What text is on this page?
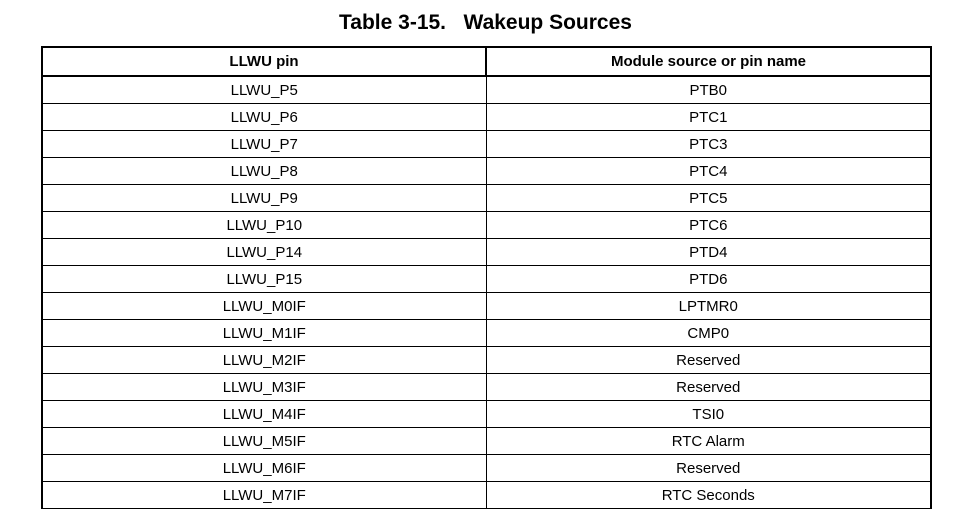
Table 3-15.   Wakeup Sources
LLWU pin	Module source or pin name
LLWU_P5	PTB0
LLWU_P6	PTC1
LLWU_P7	PTC3
LLWU_P8	PTC4
LLWU_P9	PTC5
LLWU_P10	PTC6
LLWU_P14	PTD4
LLWU_P15	PTD6
LLWU_M0IF	LPTMR0
LLWU_M1IF	CMP0
LLWU_M2IF	Reserved
LLWU_M3IF	Reserved
LLWU_M4IF	TSI0
LLWU_M5IF	RTC Alarm
LLWU_M6IF	Reserved
LLWU_M7IF	RTC Seconds
